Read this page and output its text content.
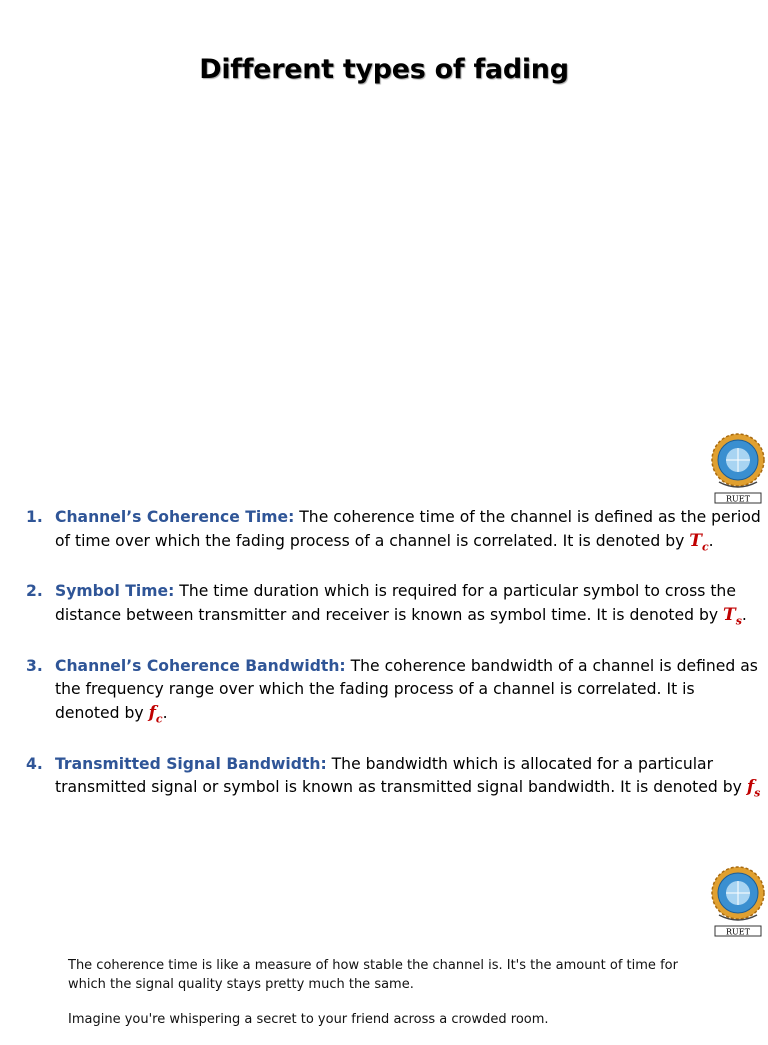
Different types of fading
RUET
1. Channel’s Coherence Time: The coherence time of the channel is defined as the period of time over which the fading process of a channel is correlated. It is denoted by $T_c$.
2. Symbol Time: The time duration which is required for a particular symbol to cross the distance between transmitter and receiver is known as symbol time. It is denoted by $T_s$.
3. Channel’s Coherence Bandwidth: The coherence bandwidth of a channel is defined as the frequency range over which the fading process of a channel is correlated. It is denoted by $f_c$.
4. Transmitted Signal Bandwidth: The bandwidth which is allocated for a particular transmitted signal or symbol is known as transmitted signal bandwidth. It is denoted by $f_s$
RUET

The coherence time is like a measure of how stable the channel is. It's the amount of time for which the signal quality stays pretty much the same.

Imagine you're whispering a secret to your friend across a crowded room.
